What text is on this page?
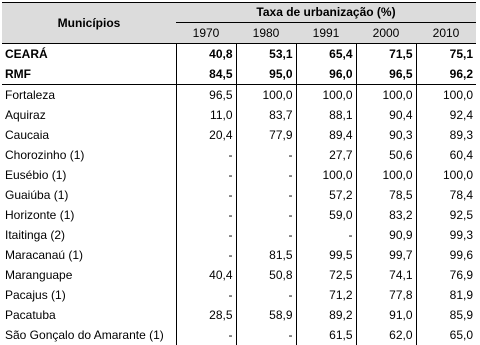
Municípios	Taxa de urbanização (%)				
	1970	1980	1991	2000	2010
CEARÁ	40,8	53,1	65,4	71,5	75,1
RMF	84,5	95,0	96,0	96,5	96,2
Fortaleza	96,5	100,0	100,0	100,0	100,0
Aquiraz	11,0	83,7	88,1	90,4	92,4
Caucaia	20,4	77,9	89,4	90,3	89,3
Chorozinho (1)	-	-	27,7	50,6	60,4
Eusébio (1)	-	-	100,0	100,0	100,0
Guaiúba (1)	-	-	57,2	78,5	78,4
Horizonte (1)	-	-	59,0	83,2	92,5
Itaitinga (2)	-	-	-	90,9	99,3
Maracanaú (1)	-	81,5	99,5	99,7	99,6
Maranguape	40,4	50,8	72,5	74,1	76,9
Pacajus (1)	-	-	71,2	77,8	81,9
Pacatuba	28,5	58,9	89,2	91,0	85,9
São Gonçalo do Amarante (1)	-	-	61,5	62,0	65,0
